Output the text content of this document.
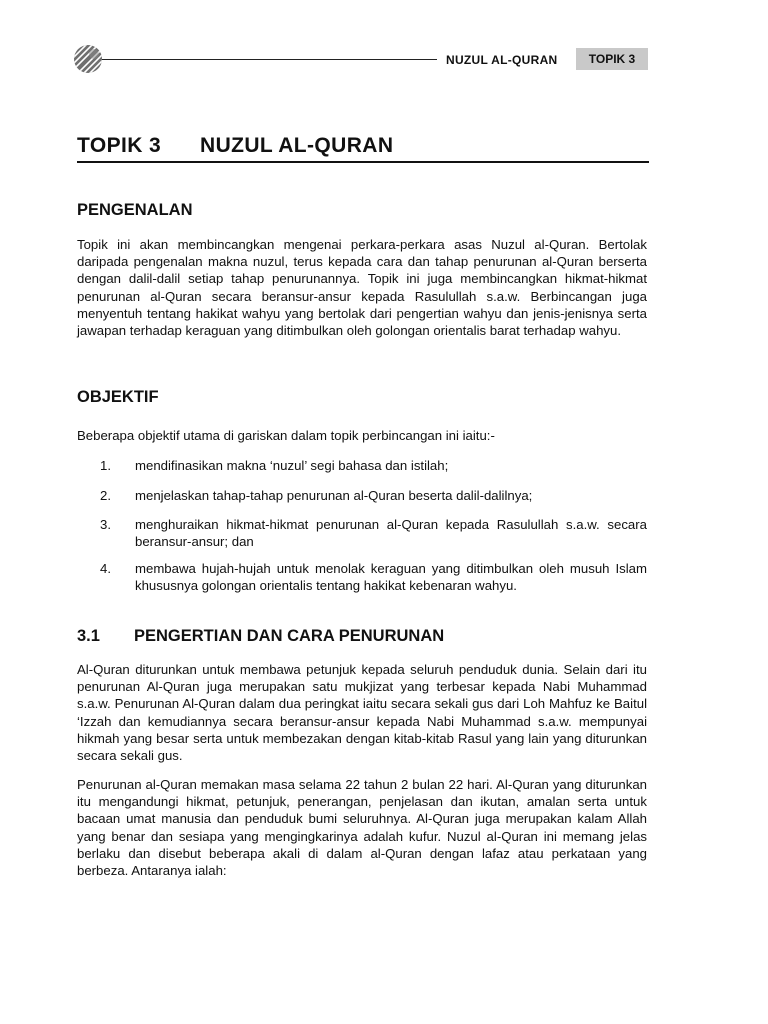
NUZUL AL-QURAN	TOPIK 3
TOPIK 3 NUZUL AL-QURAN
PENGENALAN

Topik ini akan membincangkan mengenai perkara-perkara asas Nuzul al-Quran. Bertolak daripada pengenalan makna nuzul, terus kepada cara dan tahap penurunan al-Quran berserta dengan dalil-dalil setiap tahap penurunannya. Topik ini juga membincangkan hikmat-hikmat penurunan al-Quran secara beransur-ansur kepada Rasulullah s.a.w. Berbincangan juga menyentuh tentang hakikat wahyu yang bertolak dari pengertian wahyu dan jenis-jenisnya serta jawapan terhadap keraguan yang ditimbulkan oleh golongan orientalis barat terhadap wahyu.

OBJEKTIF

Beberapa objektif utama di gariskan dalam topik perbincangan ini iaitu:-

1. mendifinasikan makna ‘nuzul’ segi bahasa dan istilah;
2. menjelaskan tahap-tahap penurunan al-Quran beserta dalil-dalilnya;
3. menghuraikan hikmat-hikmat penurunan al-Quran kepada Rasulullah s.a.w. secara beransur-ansur; dan
4. membawa hujah-hujah untuk menolak keraguan yang ditimbulkan oleh musuh Islam khususnya golongan orientalis tentang hakikat kebenaran wahyu.
3.1 PENGERTIAN DAN CARA PENURUNAN

Al-Quran diturunkan untuk membawa petunjuk kepada seluruh penduduk dunia. Selain dari itu penurunan Al-Quran juga merupakan satu mukjizat yang terbesar kepada Nabi Muhammad s.a.w. Penurunan Al-Quran dalam dua peringkat iaitu secara sekali gus dari Loh Mahfuz ke Baitul ‘Izzah dan kemudiannya secara beransur-ansur kepada Nabi Muhammad s.a.w. mempunyai hikmah yang besar serta untuk membezakan dengan kitab-kitab Rasul yang lain yang diturunkan secara sekali gus.

Penurunan al-Quran memakan masa selama 22 tahun 2 bulan 22 hari. Al-Quran yang diturunkan itu mengandungi hikmat, petunjuk, penerangan, penjelasan dan ikutan, amalan serta untuk bacaan umat manusia dan penduduk bumi seluruhnya. Al-Quran juga merupakan kalam Allah yang benar dan sesiapa yang mengingkarinya adalah kufur. Nuzul al-Quran ini memang jelas berlaku dan disebut beberapa akali di dalam al-Quran dengan lafaz atau perkataan yang berbeza. Antaranya ialah:
